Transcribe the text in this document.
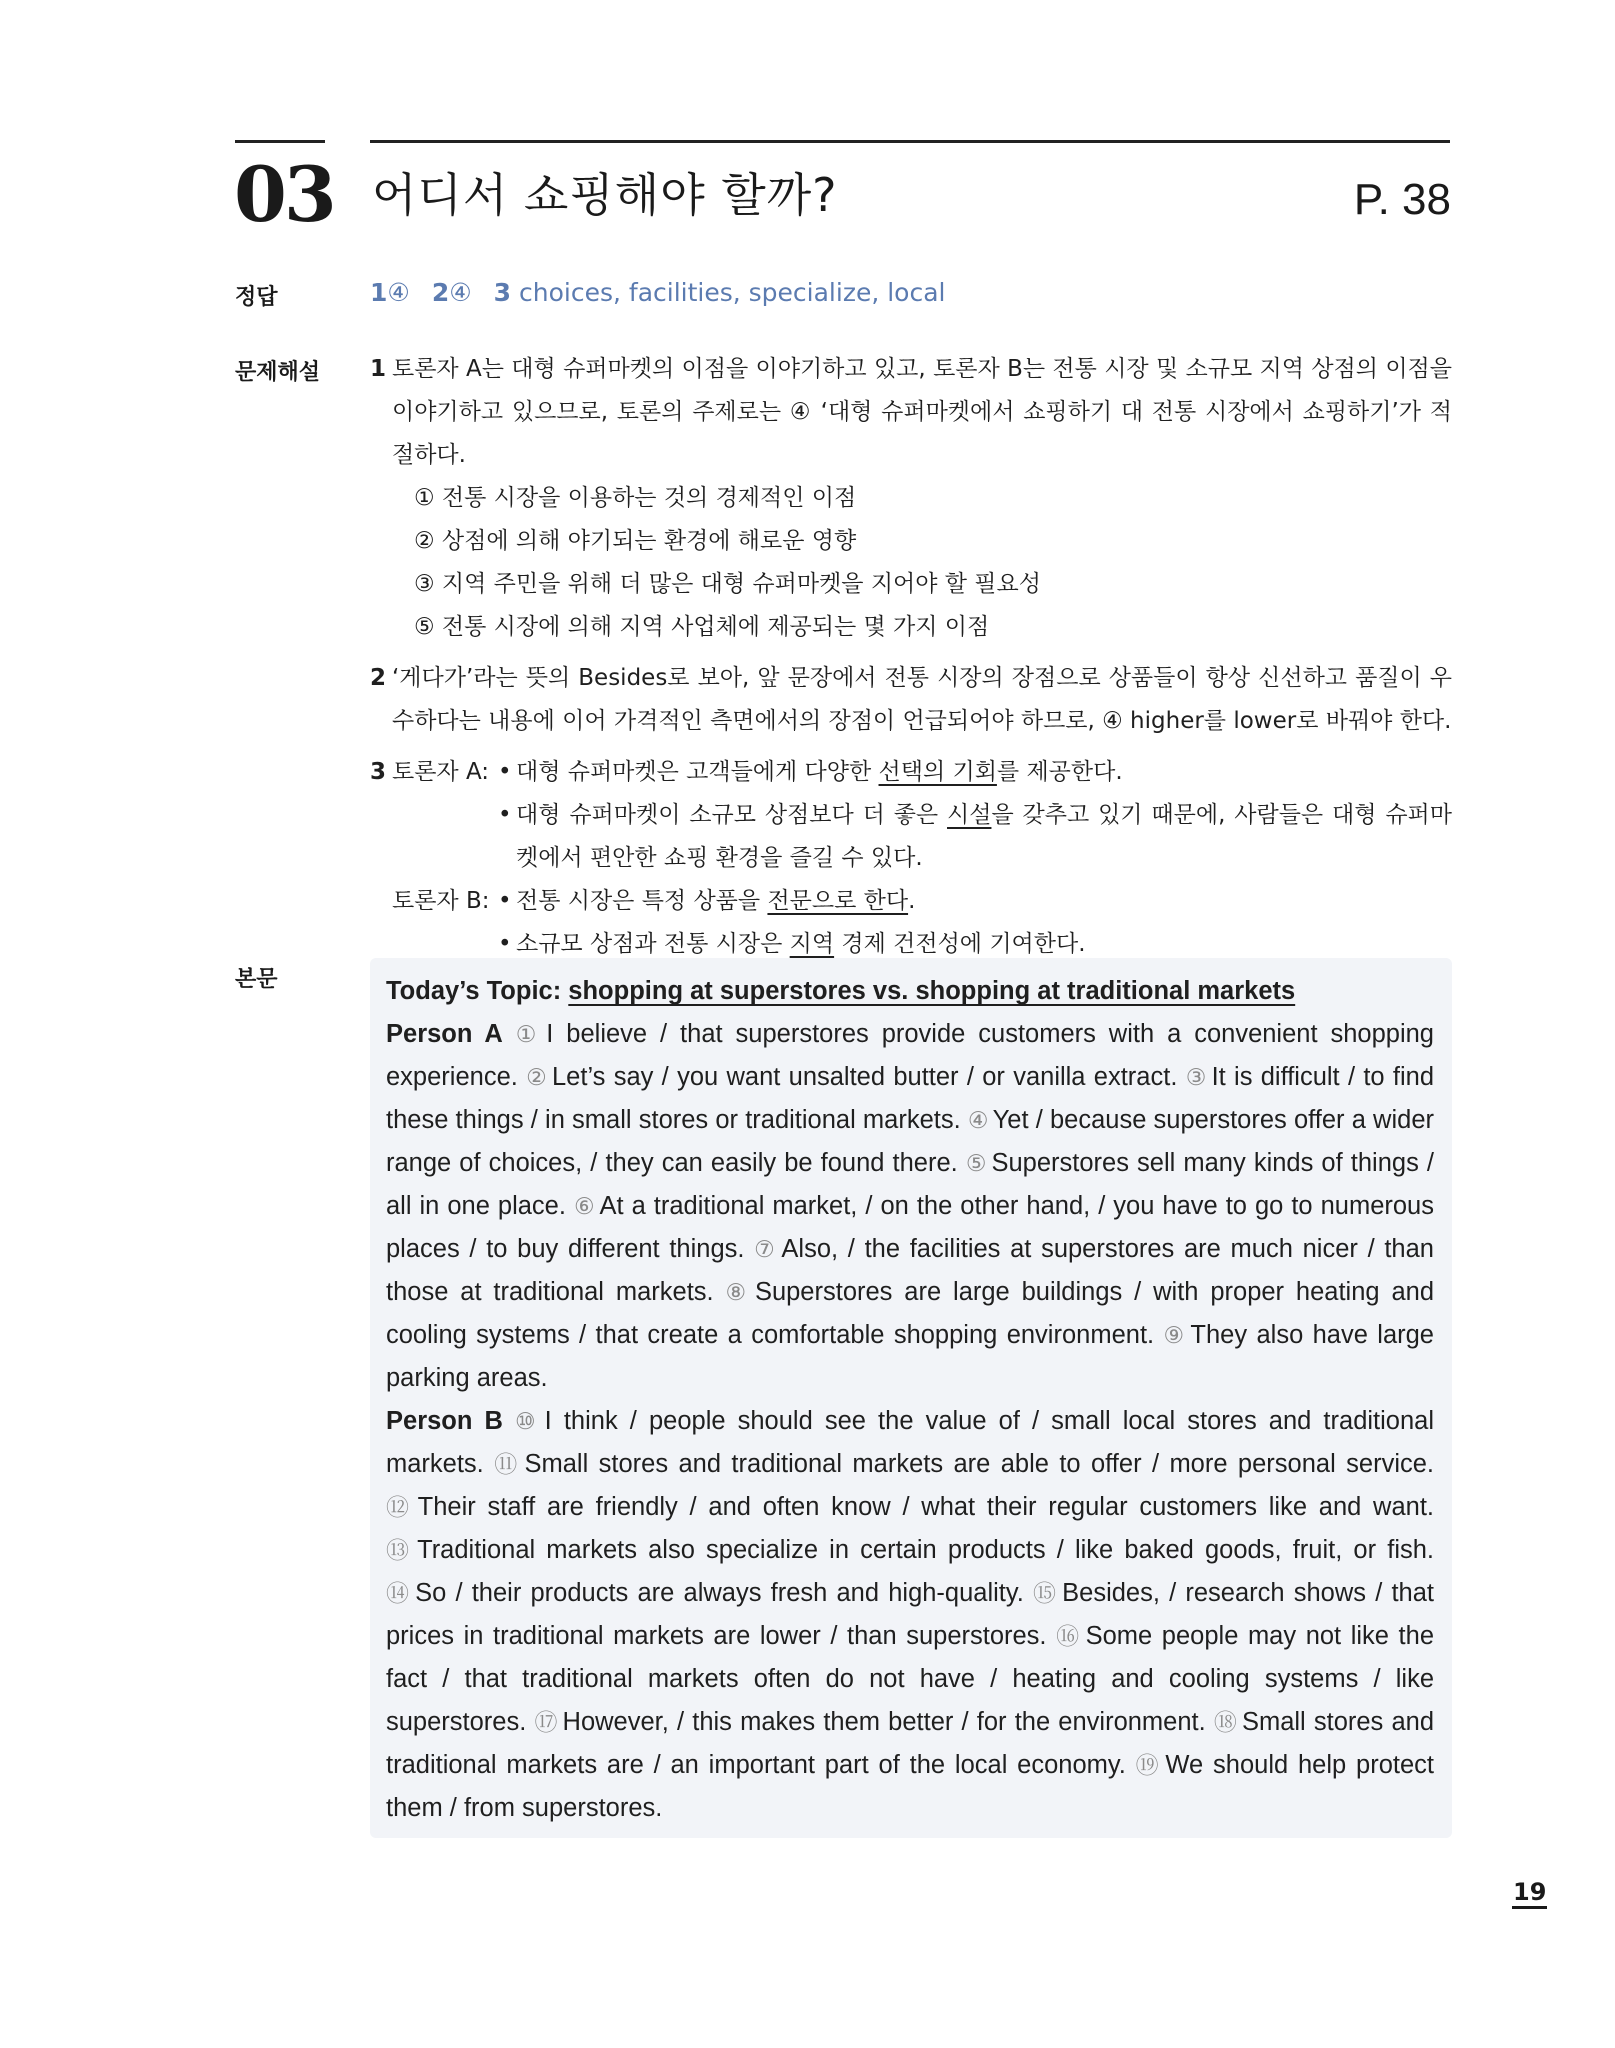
03 어디서 쇼핑해야 할까?	P. 38
정답	1④ 2④ 3 choices, facilities, specialize, local
문제해설 1 토론자 A는 대형 슈퍼마켓의 이점을 이야기하고 있고, 토론자 B는 전통 시장 및 소규모 지역 상점의 이점을 이야기하고 있으므로, 토론의 주제로는 ④ ‘대형 슈퍼마켓에서 쇼핑하기 대 전통 시장에서 쇼핑하기’가 적절하다.
① 전통 시장을 이용하는 것의 경제적인 이점
② 상점에 의해 야기되는 환경에 해로운 영향
③ 지역 주민을 위해 더 많은 대형 슈퍼마켓을 지어야 할 필요성
⑤ 전통 시장에 의해 지역 사업체에 제공되는 몇 가지 이점
2 ‘게다가’라는 뜻의 Besides로 보아, 앞 문장에서 전통 시장의 장점으로 상품들이 항상 신선하고 품질이 우수하다는 내용에 이어 가격적인 측면에서의 장점이 언급되어야 하므로, ④ higher를 lower로 바꿔야 한다.
3 토론자 A:	• 대형 슈퍼마켓은 고객들에게 다양한 선택의 기회를 제공한다.
• 대형 슈퍼마켓이 소규모 상점보다 더 좋은 시설을 갖추고 있기 때문에, 사람들은 대형 슈퍼마켓에서 편안한 쇼핑 환경을 즐길 수 있다.
토론자 B:	• 전통 시장은 특정 상품을 전문으로 한다.
• 소규모 상점과 전통 시장은 지역 경제 건전성에 기여한다.
본문	Today’s Topic: shopping at superstores vs. shopping at traditional markets
Person A ① I believe / that superstores provide customers with a convenient shopping experience. ② Let’s say / you want unsalted butter / or vanilla extract. ③ It is difficult / to find these things / in small stores or traditional markets. ④ Yet / because superstores offer a wider range of choices, / they can easily be found there. ⑤ Superstores sell many kinds of things / all in one place. ⑥ At a traditional market, / on the other hand, / you have to go to numerous places / to buy different things. ⑦ Also, / the facilities at superstores are much nicer / than those at traditional markets. ⑧ Superstores are large buildings / with proper heating and cooling systems / that create a comfortable shopping environment. ⑨ They also have large parking areas.
Person B ⑩ I think / people should see the value of / small local stores and traditional markets. ⑪ Small stores and traditional markets are able to offer / more personal service. ⑫ Their staff are friendly / and often know / what their regular customers like and want. ⑬ Traditional markets also specialize in certain products / like baked goods, fruit, or fish. ⑭ So / their products are always fresh and high-quality. ⑮ Besides, / research shows / that prices in traditional markets are lower / than superstores. ⑯ Some people may not like the fact / that traditional markets often do not have / heating and cooling systems / like superstores. ⑰ However, / this makes them better / for the environment. ⑱ Small stores and traditional markets are / an important part of the local economy. ⑲ We should help protect them / from superstores.
19
